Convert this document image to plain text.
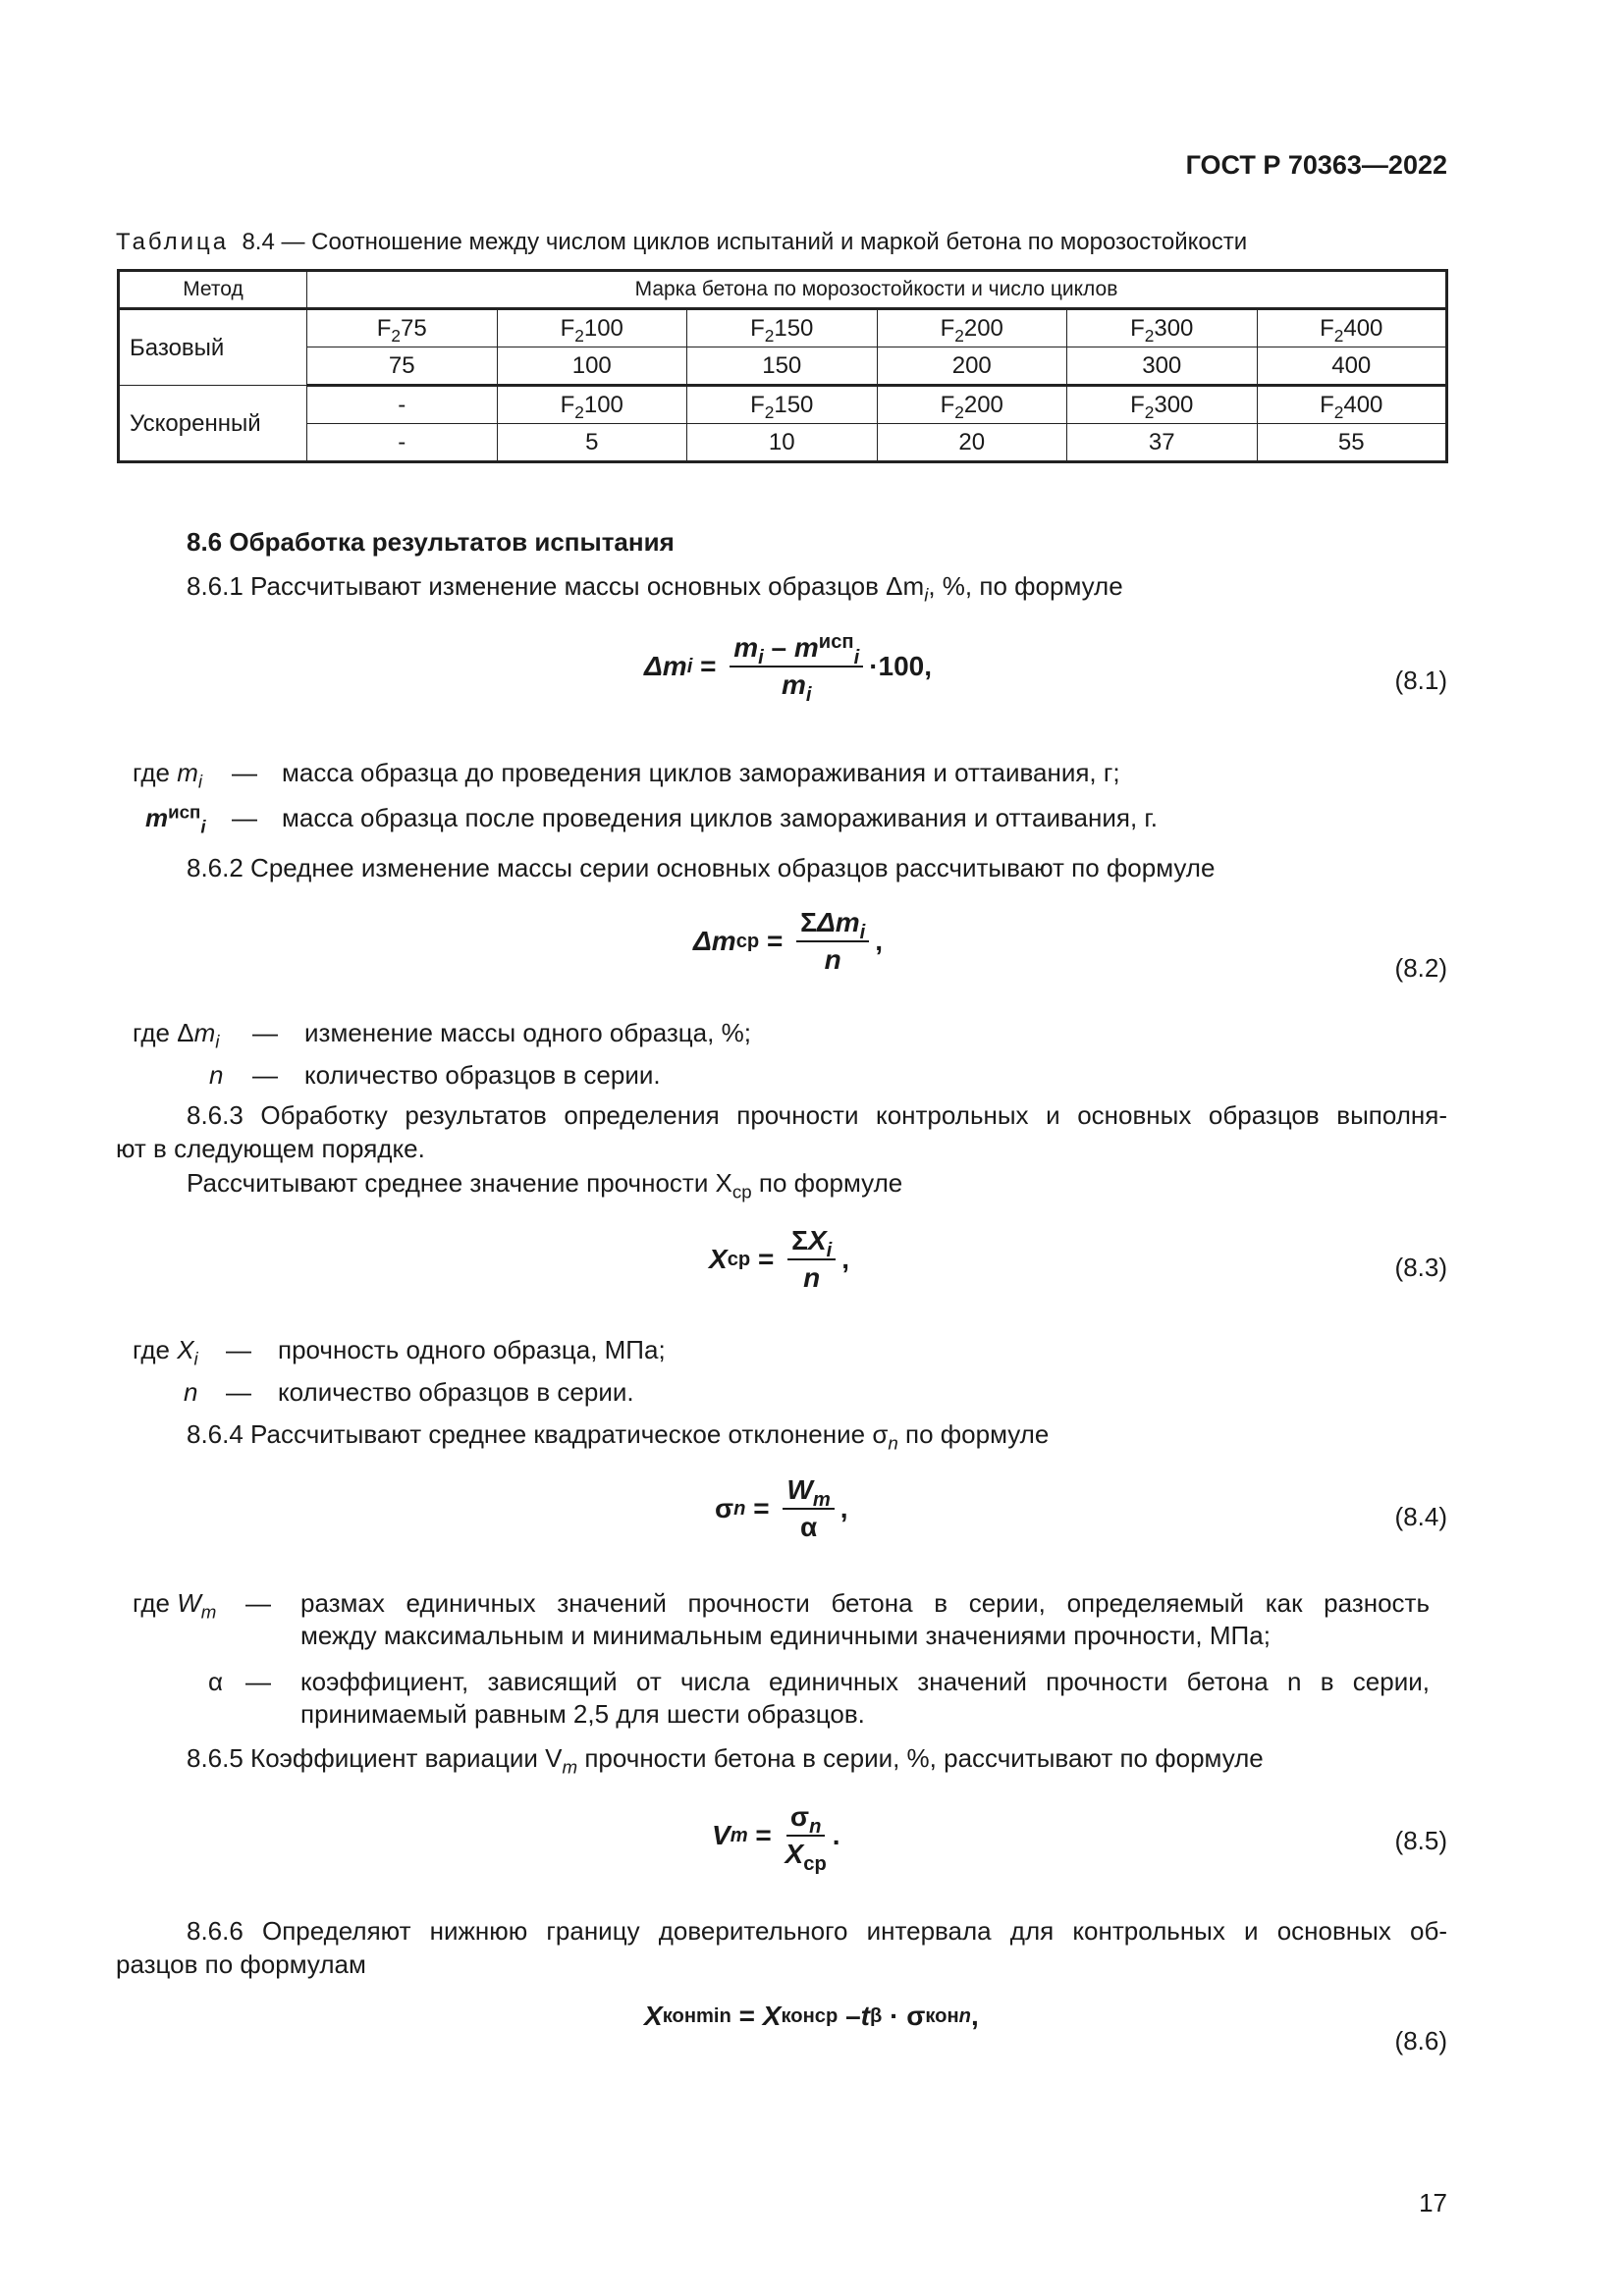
ГОСТ Р 70363—2022
Таблица 8.4 — Соотношение между числом циклов испытаний и маркой бетона по морозостойкости
Метод	Марка бетона по морозостойкости и число циклов					
Базовый	$F_275$	$F_2100$	$F_2150$	$F_2200$	$F_2300$	$F_2400$
	75	100	150	200	300	400
Ускоренный	-	$F_2100$	$F_2150$	$F_2200$	$F_2300$	$F_2400$
	-	5	10	20	37	55
8.6 Обработка результатов испытания
8.6.1 Рассчитывают изменение массы основных образцов $\Delta m_i$, %, по формуле
Δm $i = \frac{m_i - m^{исп}_i}{m_i} \cdot 100$,	(8.1)
где $m_i$ — масса образца до проведения циклов замораживания и оттаивания, г;
$m^{исп}_i$ — масса образца после проведения циклов замораживания и оттаивания, г.
8.6.2 Среднее изменение массы серии основных образцов рассчитывают по формуле
Δm ср = $\frac{\Sigma\Delta m_i}{n}$ ,
(8.2)
где $\Delta m_i$ — изменение массы одного образца, %;
n — количество образцов в серии.
8.6.3 Обработку результатов определения прочности контрольных и основных образцов выполня-
ют в следующем порядке.
Рассчитывают среднее значение прочности $X_{ср}$ по формуле
X ср = $\frac{\Sigma X_i}{n}$ ,	(8.3)
где $X_i$ — прочность одного образца, МПа;
n — количество образцов в серии.
8.6.4 Рассчитывают среднее квадратическое отклонение $\sigma_n$ по формуле
σ $n = \frac{W_m}{\alpha}$ ,	(8.4)
где $W_m$ — размах единичных значений прочности бетона в серии, определяемый как разность
между максимальным и минимальным единичными значениями прочности, МПа;
α — коэффициент, зависящий от числа единичных значений прочности бетона n в серии,
принимаемый равным 2,5 для шести образцов.
8.6.5 Коэффициент вариации $V_m$ прочности бетона в серии, %, рассчитывают по формуле
V $m = \frac{\sigma_n}{X_{ср}}$ .	(8.5)
8.6.6 Определяют нижнюю границу доверительного интервала для контрольных и основных об-
разцов по формулам
X кон min = X кон ср – t β · σ кон n ,
(8.6)
17
